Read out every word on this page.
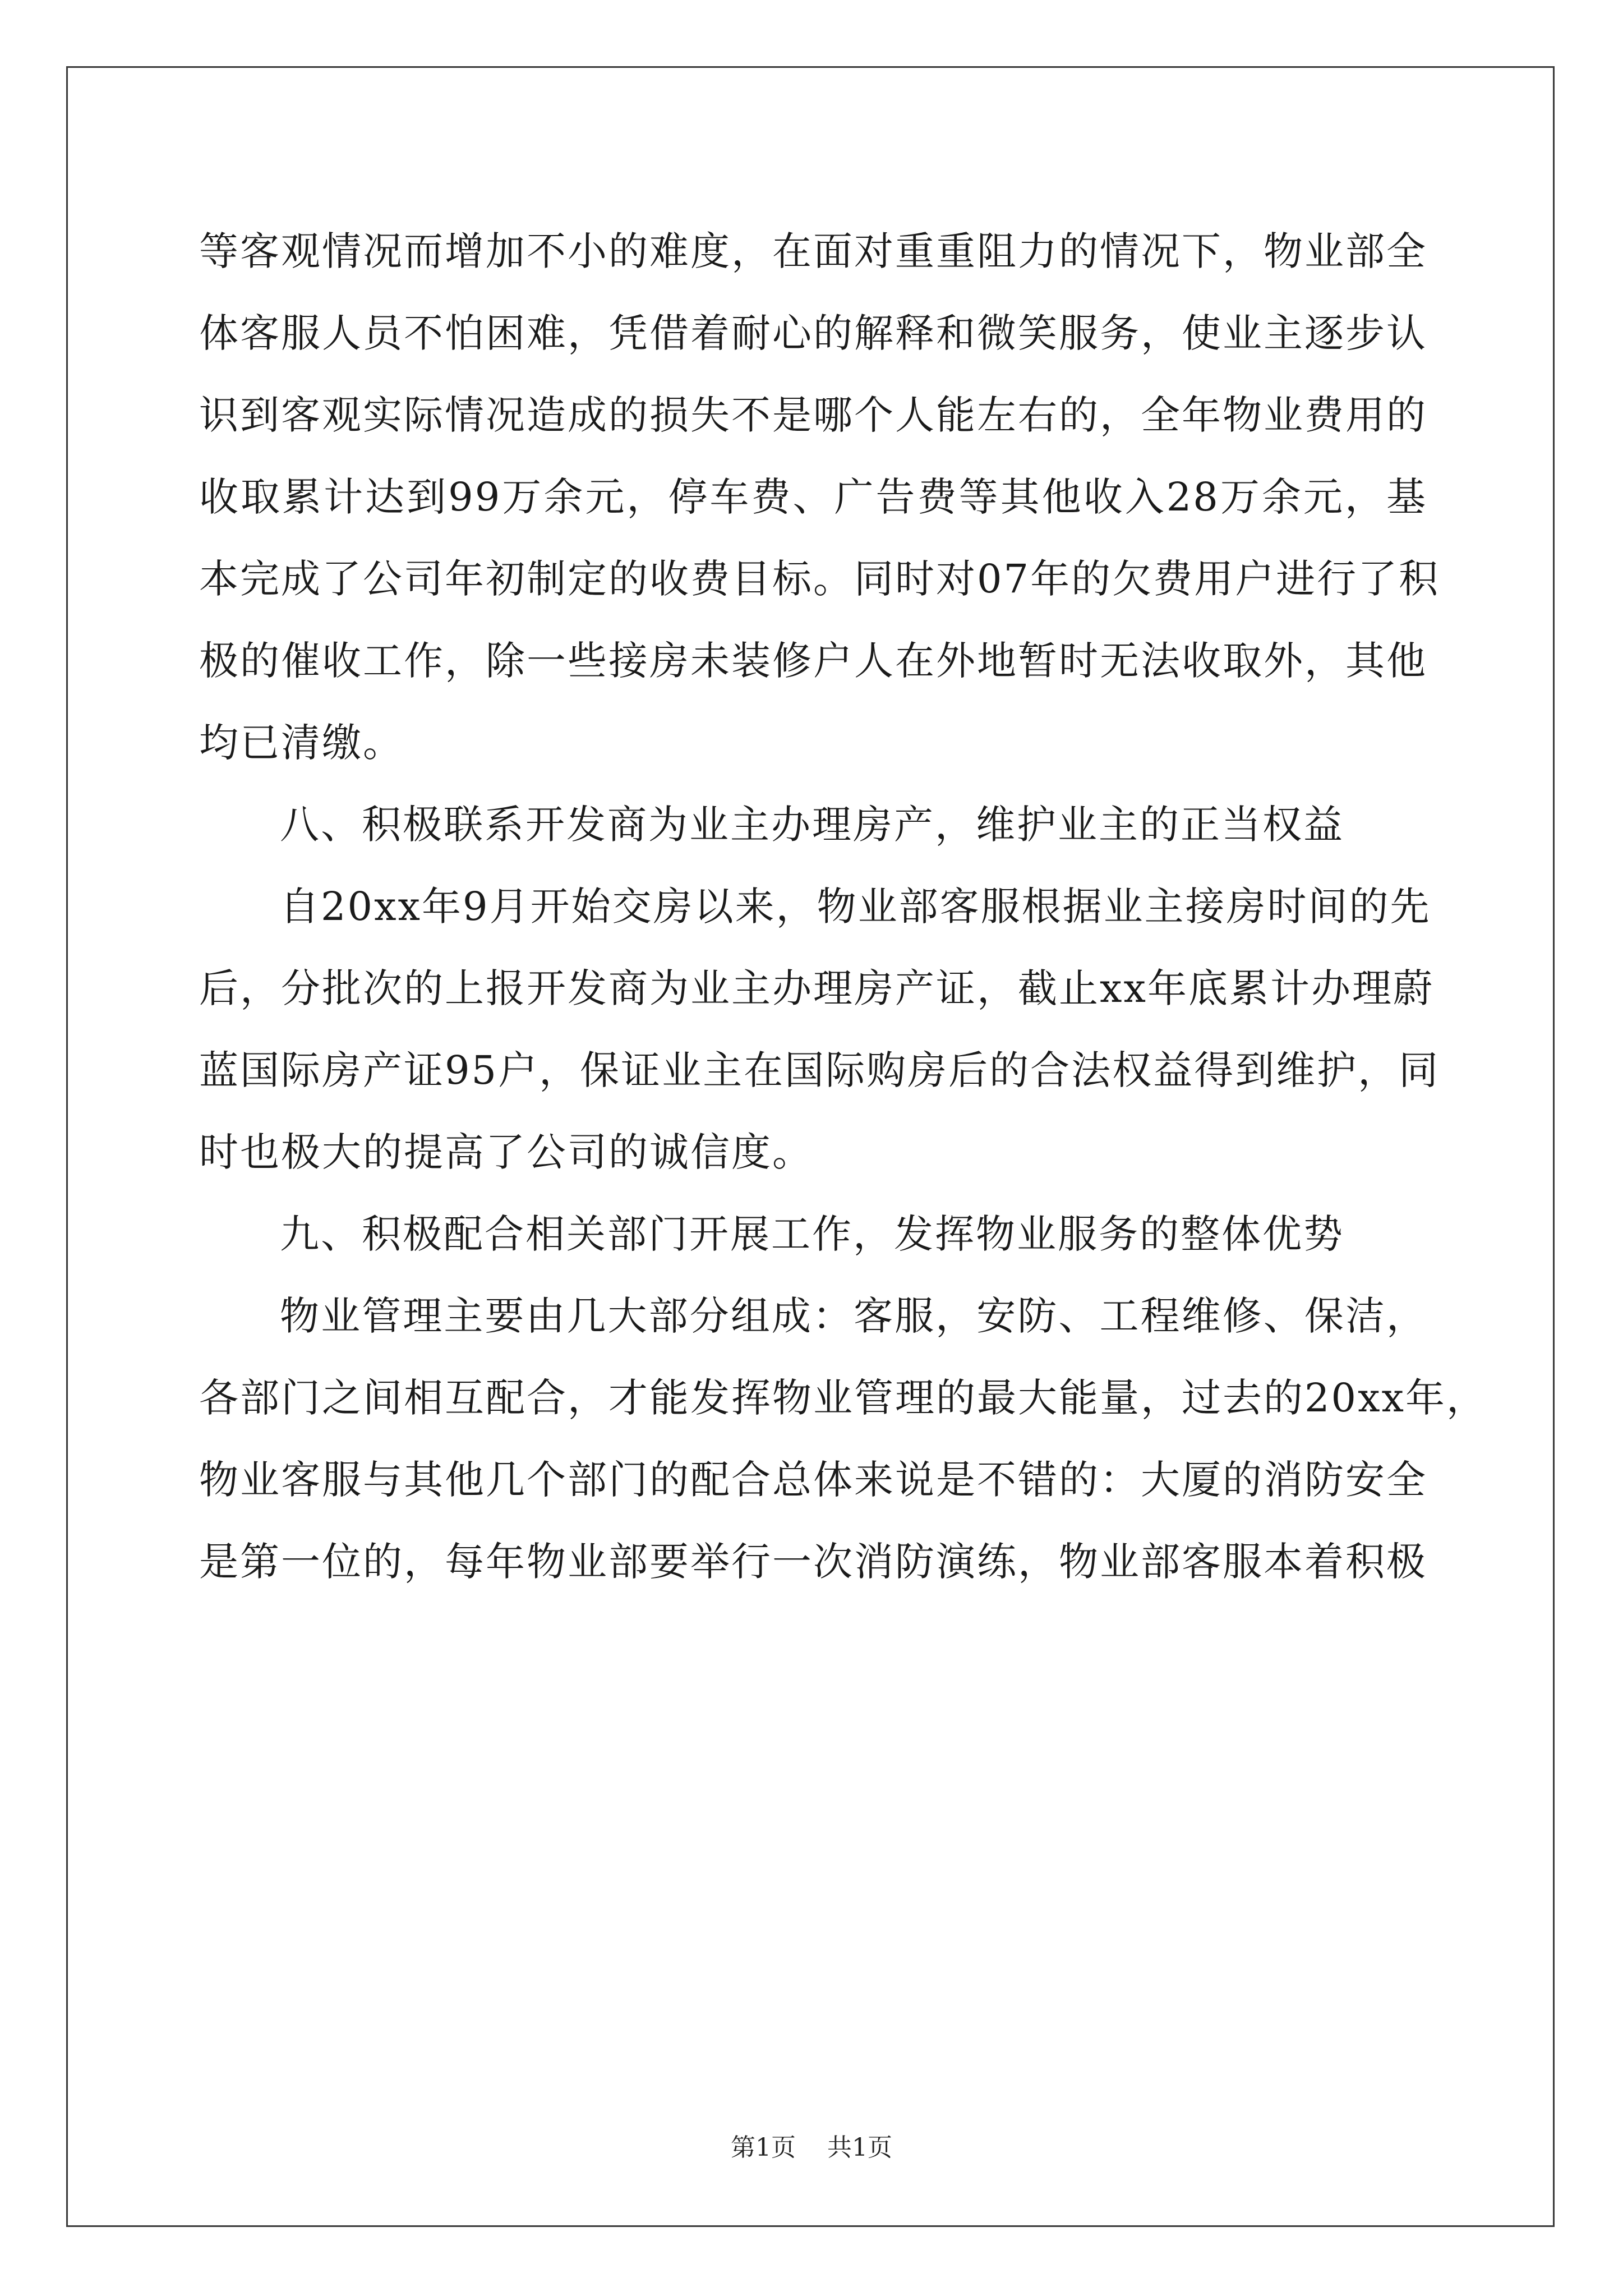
等客观情况而增加不小的难度，在面对重重阻力的情况下，物业部全
体客服人员不怕困难，凭借着耐心的解释和微笑服务，使业主逐步认
识到客观实际情况造成的损失不是哪个人能左右的，全年物业费用的
收取累计达到99万余元，停车费、广告费等其他收入28万余元，基
本完成了公司年初制定的收费目标。同时对07年的欠费用户进行了积
极的催收工作，除一些接房未装修户人在外地暂时无法收取外，其他
均已清缴。
八、积极联系开发商为业主办理房产，维护业主的正当权益
自20xx年9月开始交房以来，物业部客服根据业主接房时间的先
后，分批次的上报开发商为业主办理房产证，截止xx年底累计办理蔚
蓝国际房产证95户，保证业主在国际购房后的合法权益得到维护，同
时也极大的提高了公司的诚信度。
九、积极配合相关部门开展工作，发挥物业服务的整体优势
物业管理主要由几大部分组成：客服，安防、工程维修、保洁，
各部门之间相互配合，才能发挥物业管理的最大能量，过去的20xx年，
物业客服与其他几个部门的配合总体来说是不错的：大厦的消防安全
是第一位的，每年物业部要举行一次消防演练，物业部客服本着积极
第1页 共1页
